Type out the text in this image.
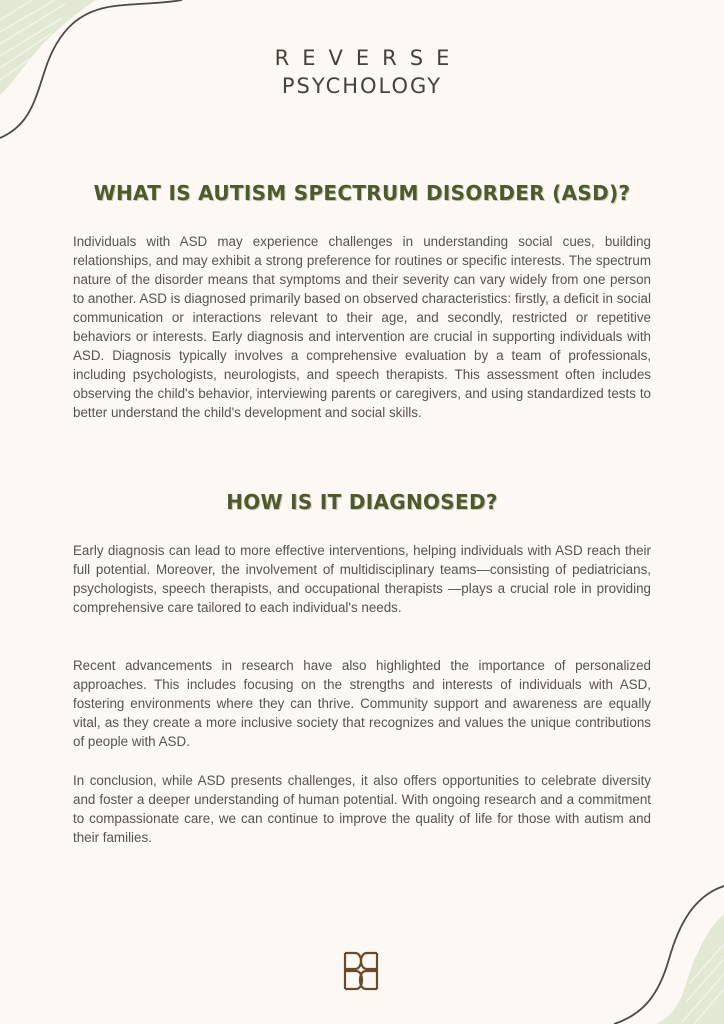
REVERSE
PSYCHOLOGY
WHAT IS AUTISM SPECTRUM DISORDER (ASD)?

Individuals with ASD may experience challenges in understanding social cues, building relationships, and may exhibit a strong preference for routines or specific interests. The spectrum nature of the disorder means that symptoms and their severity can vary widely from one person to another. ASD is diagnosed primarily based on observed characteristics: firstly, a deficit in social communication or interactions relevant to their age, and secondly, restricted or repetitive behaviors or interests. Early diagnosis and intervention are crucial in supporting individuals with ASD. Diagnosis typically involves a comprehensive evaluation by a team of professionals, including psychologists, neurologists, and speech therapists. This assessment often includes observing the child's behavior, interviewing parents or caregivers, and using standardized tests to better understand the child's development and social skills.

HOW IS IT DIAGNOSED?

Early diagnosis can lead to more effective interventions, helping individuals with ASD reach their full potential. Moreover, the involvement of multidisciplinary teams—consisting of pediatricians, psychologists, speech therapists, and occupational therapists —plays a crucial role in providing comprehensive care tailored to each individual's needs.

Recent advancements in research have also highlighted the importance of personalized approaches. This includes focusing on the strengths and interests of individuals with ASD, fostering environments where they can thrive. Community support and awareness are equally vital, as they create a more inclusive society that recognizes and values the unique contributions of people with ASD.

In conclusion, while ASD presents challenges, it also offers opportunities to celebrate diversity and foster a deeper understanding of human potential. With ongoing research and a commitment to compassionate care, we can continue to improve the quality of life for those with autism and their families.
